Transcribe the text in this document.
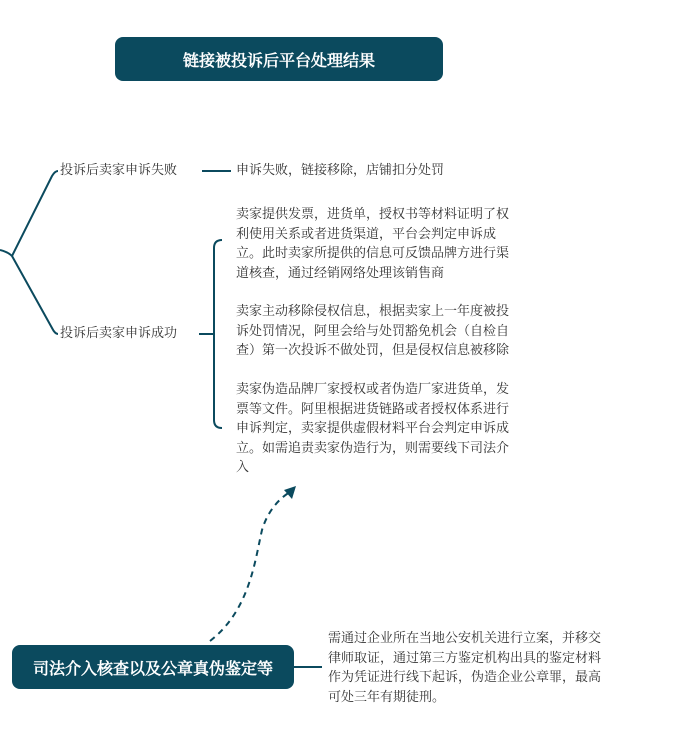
链接被投诉后平台处理结果
投诉后卖家申诉失败	申诉失败，链接移除，店铺扣分处罚
投诉后卖家申诉成功
卖家提供发票，进货单，授权书等材料证明了权
利使用关系或者进货渠道，平台会判定申诉成
立。此时卖家所提供的信息可反馈品牌方进行渠
道核查，通过经销网络处理该销售商
卖家主动移除侵权信息，根据卖家上一年度被投
诉处罚情况，阿里会给与处罚豁免机会（自检自
查）第一次投诉不做处罚，但是侵权信息被移除
卖家伪造品牌厂家授权或者伪造厂家进货单，发
票等文件。阿里根据进货链路或者授权体系进行
申诉判定，卖家提供虚假材料平台会判定申诉成
立。如需追责卖家伪造行为，则需要线下司法介
入
司法介入核查以及公章真伪鉴定等
需通过企业所在当地公安机关进行立案，并移交
律师取证，通过第三方鉴定机构出具的鉴定材料
作为凭证进行线下起诉，伪造企业公章罪，最高
可处三年有期徒刑。
